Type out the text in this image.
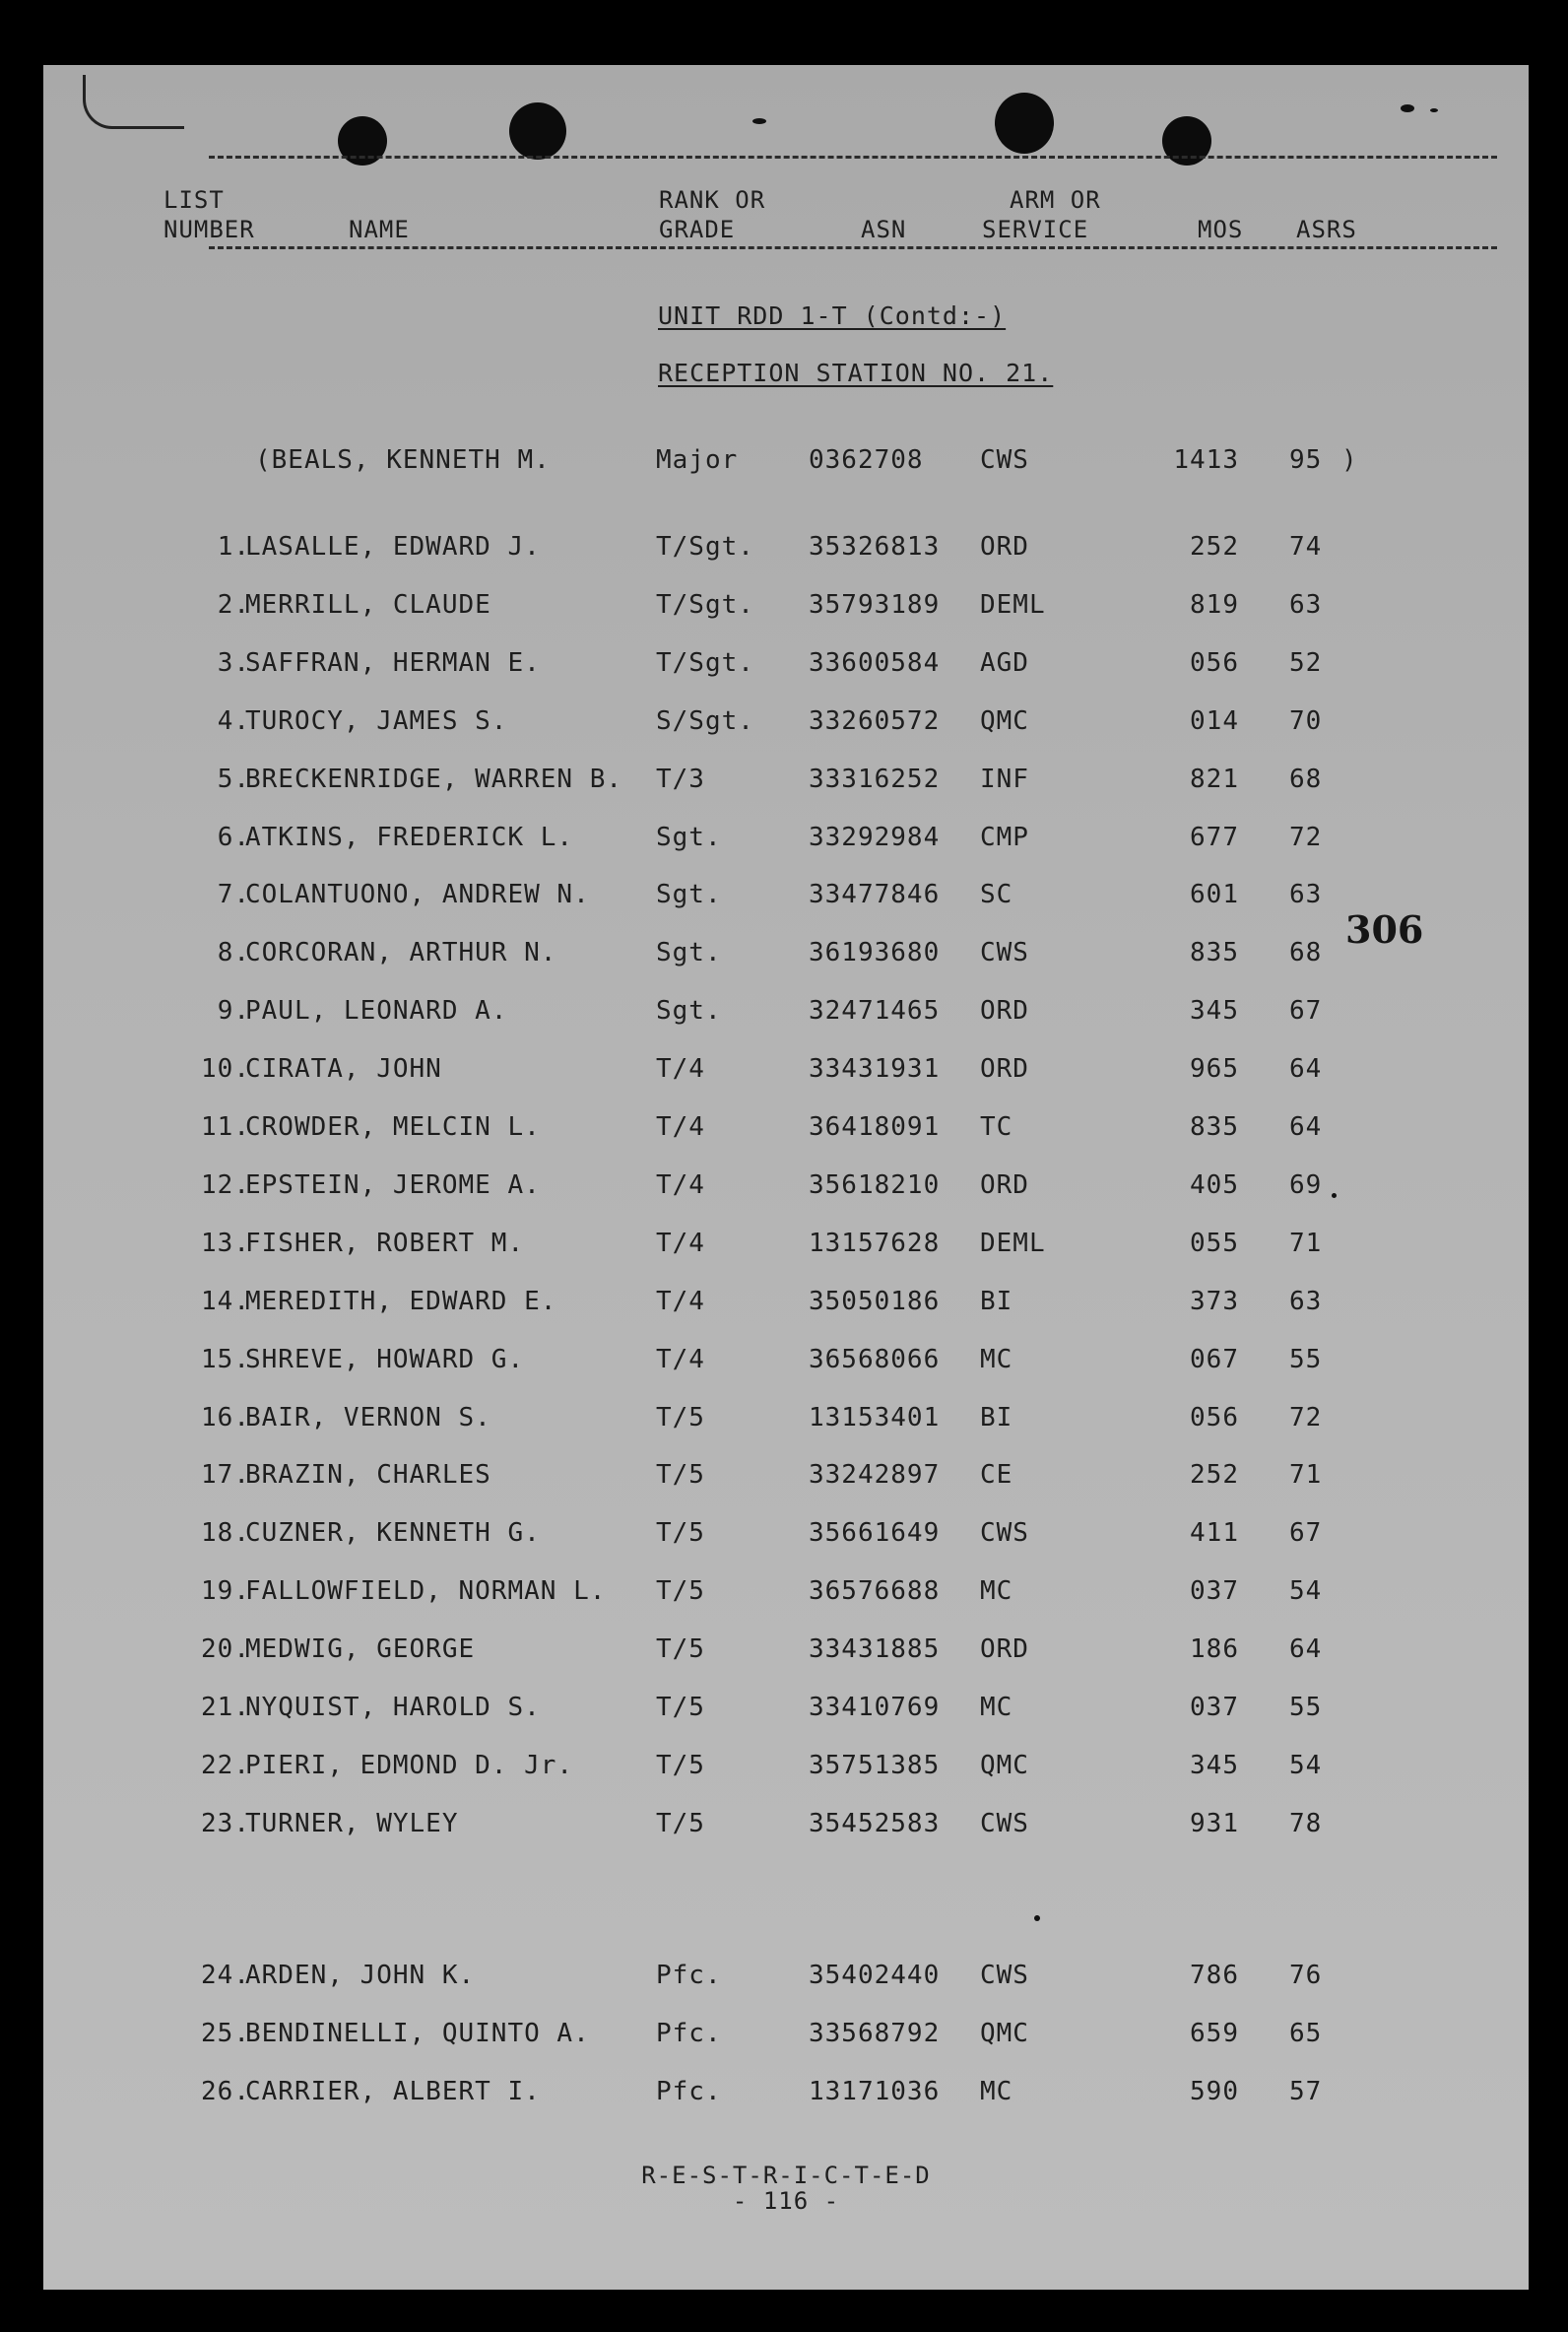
LIST
NUMBER	NAME
RANK OR
GRADE	ASN
ARM OR
SERVICE	MOS ASRS
UNIT RDD 1-T (Contd:-)
RECEPTION STATION NO. 21.
(BEALS, KENNETH M.	Major	0362708 CWS	1413 95 )
1.
LASALLE, EDWARD J.	T/Sgt. 35326813 ORD	252 74
2.
MERRILL, CLAUDE	T/Sgt. 35793189 DEML	819 63
3.
SAFFRAN, HERMAN E.	T/Sgt. 33600584 AGD	056 52
4.
TUROCY, JAMES S.	S/Sgt. 33260572 QMC	014 70
5.
BRECKENRIDGE, WARREN B. T/3	33316252 INF	821 68
6.
ATKINS, FREDERICK L.	Sgt.	33292984 CMP	677 72
7.
COLANTUONO, ANDREW N.	Sgt.	33477846 SC	601 63
8.
CORCORAN, ARTHUR N.	Sgt.	36193680 CWS	835 68
9.
PAUL, LEONARD A.	Sgt.	32471465 ORD	345 67
10.
CIRATA, JOHN	T/4	33431931 ORD	965 64
11.
CROWDER, MELCIN L.	T/4	36418091 TC	835 64
12.
EPSTEIN, JEROME A.	T/4	35618210 ORD	405 69
13.
FISHER, ROBERT M.	T/4	13157628 DEML	055 71
14.
MEREDITH, EDWARD E.	T/4	35050186 BI	373 63
15.
SHREVE, HOWARD G.	T/4	36568066 MC	067 55
16.
BAIR, VERNON S.	T/5	13153401 BI	056 72
17.
BRAZIN, CHARLES	T/5	33242897 CE	252 71
18.
CUZNER, KENNETH G.	T/5	35661649 CWS	411 67
19.
FALLOWFIELD, NORMAN L. T/5	36576688 MC	037 54
20.
MEDWIG, GEORGE	T/5	33431885 ORD	186 64
21.
NYQUIST, HAROLD S.	T/5	33410769 MC	037 55
22.
PIERI, EDMOND D. Jr.	T/5	35751385 QMC	345 54
23.
TURNER, WYLEY	T/5	35452583 CWS	931 78
24.
ARDEN, JOHN K.	Pfc.	35402440 CWS	786 76
25.
BENDINELLI, QUINTO A.	Pfc.	33568792 QMC	659 65
26.
CARRIER, ALBERT I.	Pfc.	13171036 MC	590 57
306
R-E-S-T-R-I-C-T-E-D
- 116 -
